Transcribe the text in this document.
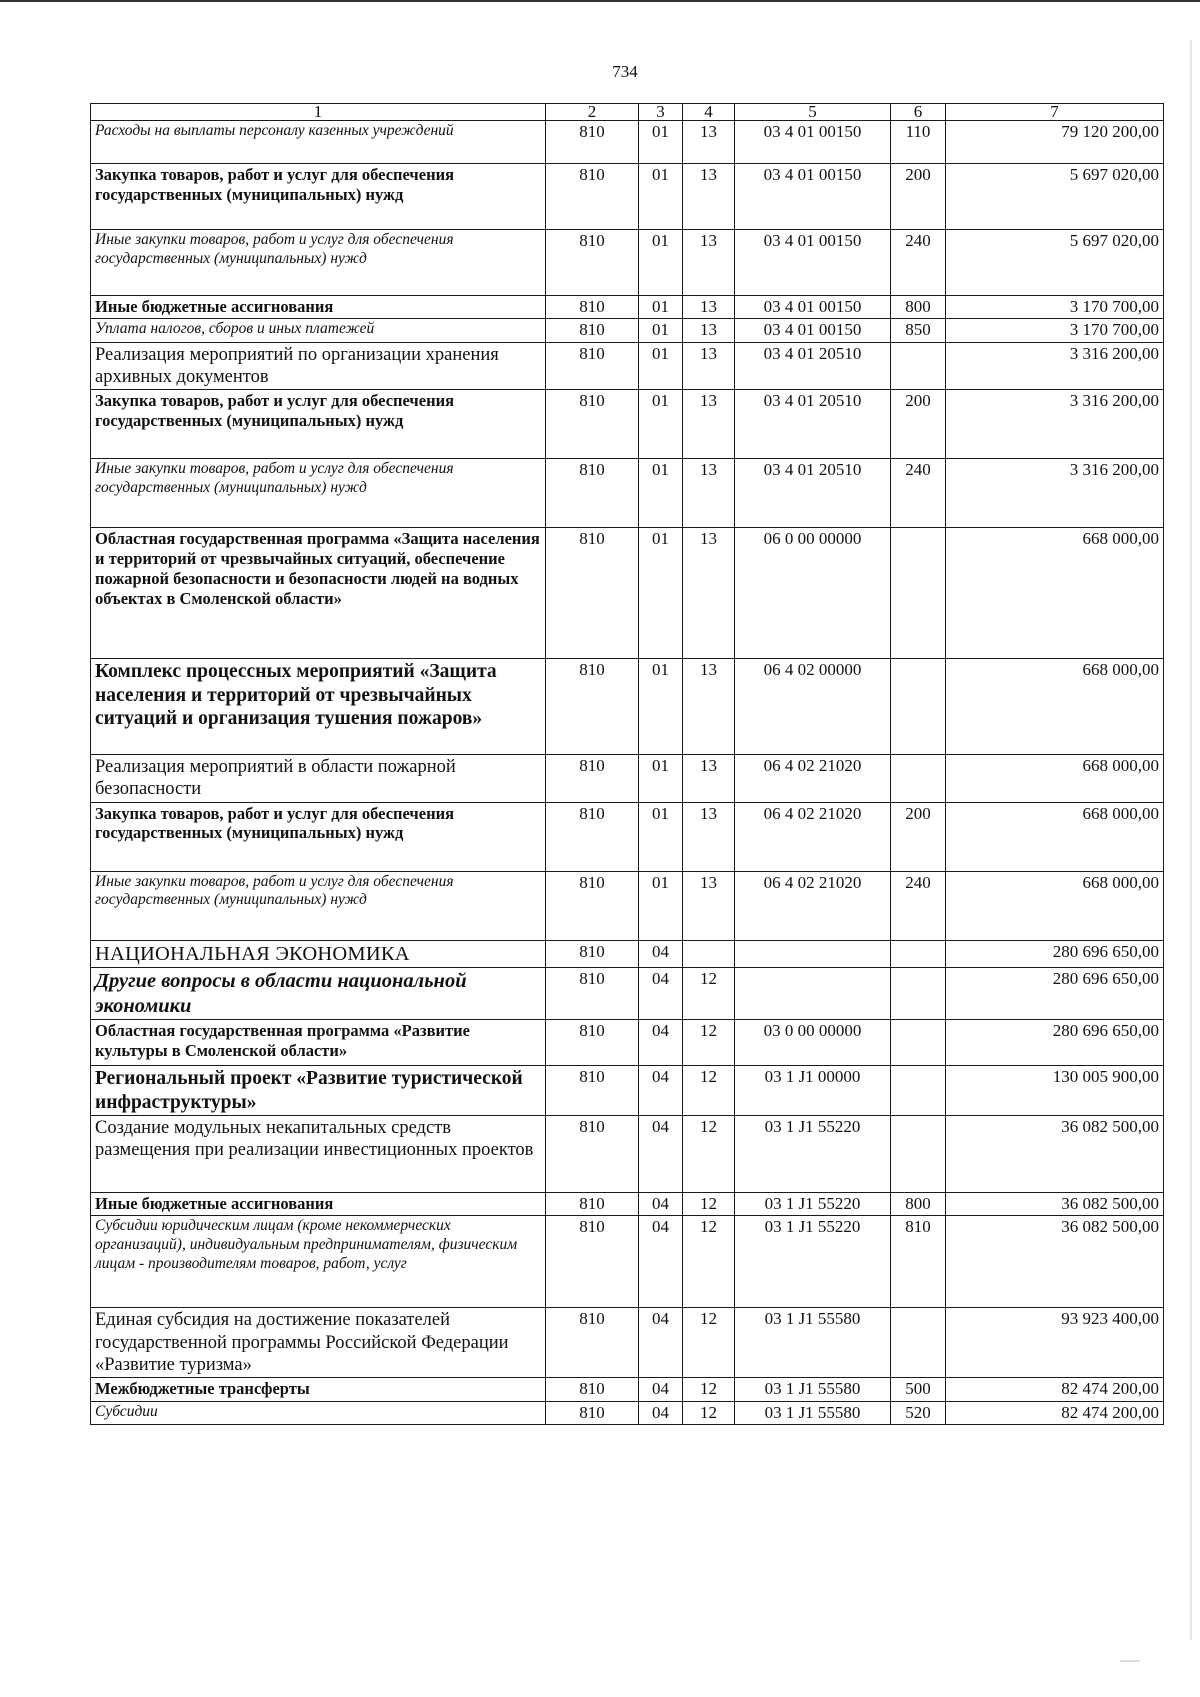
734
1	2	3	4	5	6	7
Расходы на выплаты персоналу казенных учреждений	810	01	13	03 4 01 00150	110	79 120 200,00
Закупка товаров, работ и услуг для обеспечения государственных (муниципальных) нужд	810	01	13	03 4 01 00150	200	5 697 020,00
Иные закупки товаров, работ и услуг для обеспечения государственных (муниципальных) нужд	810	01	13	03 4 01 00150	240	5 697 020,00
Иные бюджетные ассигнования	810	01	13	03 4 01 00150	800	3 170 700,00
Уплата налогов, сборов и иных платежей	810	01	13	03 4 01 00150	850	3 170 700,00
Реализация мероприятий по организации хранения архивных документов	810	01	13	03 4 01 20510		3 316 200,00
Закупка товаров, работ и услуг для обеспечения государственных (муниципальных) нужд	810	01	13	03 4 01 20510	200	3 316 200,00
Иные закупки товаров, работ и услуг для обеспечения государственных (муниципальных) нужд	810	01	13	03 4 01 20510	240	3 316 200,00
Областная государственная программа «Защита населения и территорий от чрезвычайных ситуаций, обеспечение пожарной безопасности и безопасности людей на водных объектах в Смоленской области»	810	01	13	06 0 00 00000		668 000,00
Комплекс процессных мероприятий «Защита населения и территорий от чрезвычайных ситуаций и организация тушения пожаров»	810	01	13	06 4 02 00000		668 000,00
Реализация мероприятий в области пожарной безопасности	810	01	13	06 4 02 21020		668 000,00
Закупка товаров, работ и услуг для обеспечения государственных (муниципальных) нужд	810	01	13	06 4 02 21020	200	668 000,00
Иные закупки товаров, работ и услуг для обеспечения государственных (муниципальных) нужд	810	01	13	06 4 02 21020	240	668 000,00
НАЦИОНАЛЬНАЯ ЭКОНОМИКА	810	04				280 696 650,00
Другие вопросы в области национальной экономики	810	04	12			280 696 650,00
Областная государственная программа «Развитие культуры в Смоленской области»	810	04	12	03 0 00 00000		280 696 650,00
Региональный проект «Развитие туристической инфраструктуры»	810	04	12	03 1 J1 00000		130 005 900,00
Создание модульных некапитальных средств размещения при реализации инвестиционных проектов	810	04	12	03 1 J1 55220		36 082 500,00
Иные бюджетные ассигнования	810	04	12	03 1 J1 55220	800	36 082 500,00
Субсидии юридическим лицам (кроме некоммерческих организаций), индивидуальным предпринимателям, физическим лицам - производителям товаров, работ, услуг	810	04	12	03 1 J1 55220	810	36 082 500,00
Единая субсидия на достижение показателей государственной программы Российской Федерации «Развитие туризма»	810	04	12	03 1 J1 55580		93 923 400,00
Межбюджетные трансферты	810	04	12	03 1 J1 55580	500	82 474 200,00
Субсидии	810	04	12	03 1 J1 55580	520	82 474 200,00
